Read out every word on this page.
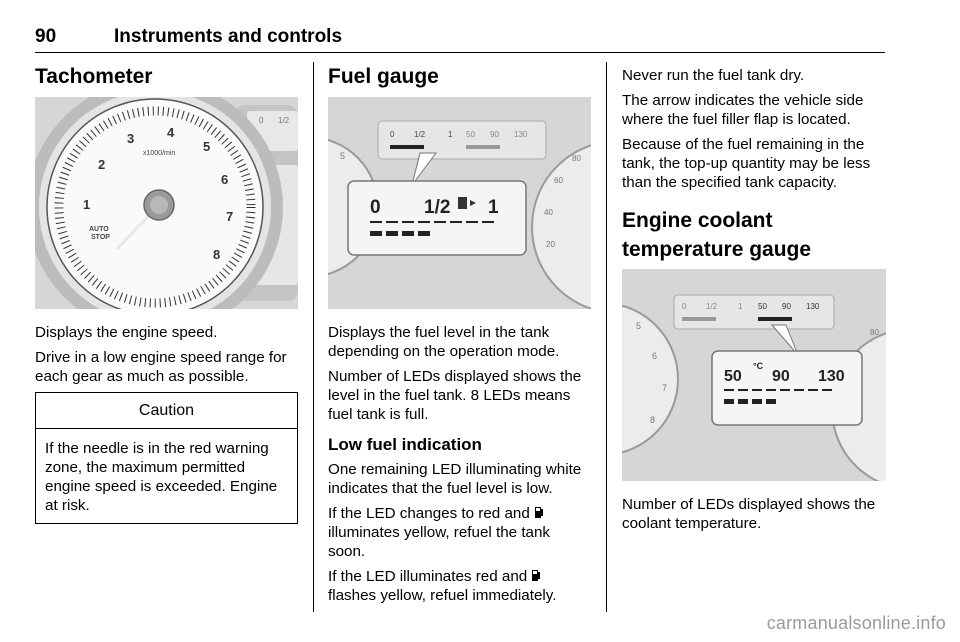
90	Instruments and controls
Tachometer
0 1/2
1
2
3	4
5
6
7
8
x1000/min
AUTO
STOP

Displays the engine speed.

Drive in a low engine speed range for each gear as much as possible.

Caution

If the needle is in the red warning zone, the maximum permitted engine speed is exceeded. Engine at risk.

Fuel gauge
5
20
40
60
80
0 1/2	1 50 90 130
0 1/2 1

Displays the fuel level in the tank depending on the operation mode.

Number of LEDs displayed shows the level in the fuel tank. 8 LEDs means fuel tank is full.

Low fuel indication

One remaining LED illuminating white indicates that the fuel level is low.

If the LED changes to red and  illuminates yellow, refuel the tank soon.

If the LED illuminates red and  flashes yellow, refuel immediately.

Never run the fuel tank dry.

The arrow indicates the vehicle side where the fuel filler flap is located.

Because of the fuel remaining in the tank, the top-up quantity may be less than the specified tank capacity.

Engine coolant temperature gauge
5
6
7
8
80
0 1/2	1 50 90 130
50 90 130
°C

Number of LEDs displayed shows the coolant temperature.

carmanualsonline.info
